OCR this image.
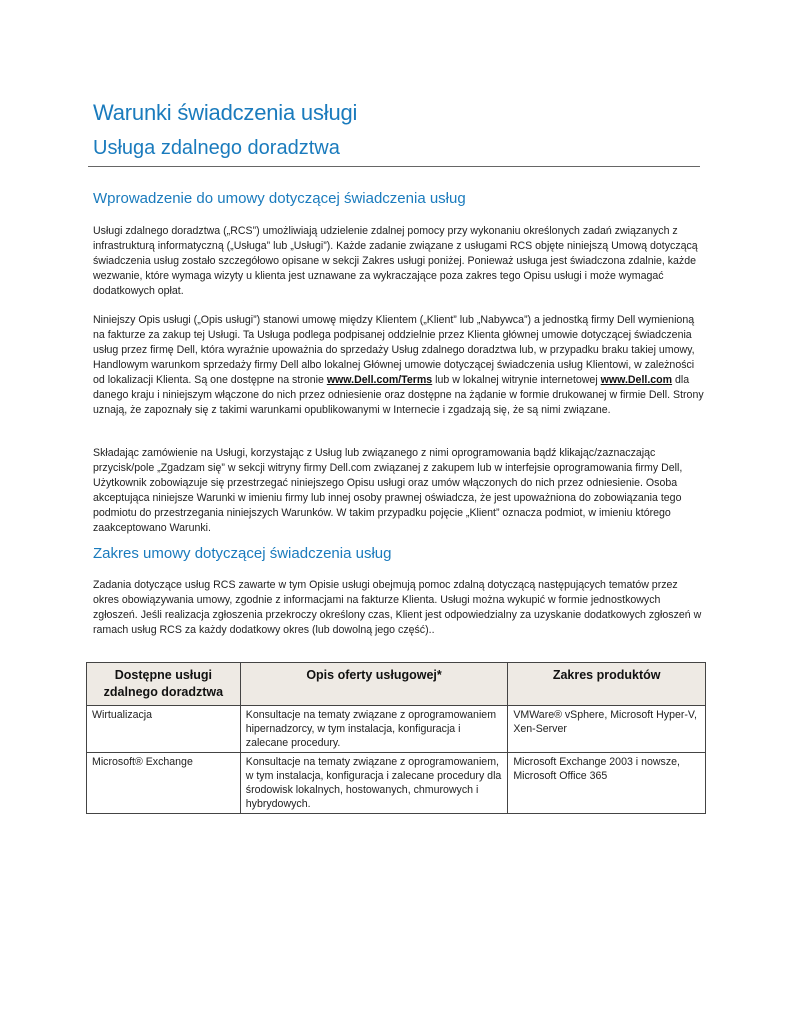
Warunki świadczenia usługi
Usługa zdalnego doradztwa
Wprowadzenie do umowy dotyczącej świadczenia usług

Usługi zdalnego doradztwa („RCS”) umożliwiają udzielenie zdalnej pomocy przy wykonaniu określonych zadań związanych z infrastrukturą informatyczną („Usługa” lub „Usługi”). Każde zadanie związane z usługami RCS objęte niniejszą Umową dotyczącą świadczenia usług zostało szczegółowo opisane w sekcji Zakres usługi poniżej. Ponieważ usługa jest świadczona zdalnie, każde wezwanie, które wymaga wizyty u klienta jest uznawane za wykraczające poza zakres tego Opisu usługi i może wymagać dodatkowych opłat.

Niniejszy Opis usługi („Opis usługi”) stanowi umowę między Klientem („Klient” lub „Nabywca”) a jednostką firmy Dell wymienioną na fakturze za zakup tej Usługi. Ta Usługa podlega podpisanej oddzielnie przez Klienta głównej umowie dotyczącej świadczenia usług przez firmę Dell, która wyraźnie upoważnia do sprzedaży Usług zdalnego doradztwa lub, w przypadku braku takiej umowy, Handlowym warunkom sprzedaży firmy Dell albo lokalnej Głównej umowie dotyczącej świadczenia usług Klientowi, w zależności od lokalizacji Klienta. Są one dostępne na stronie www.Dell.com/Terms lub w lokalnej witrynie internetowej www.Dell.com dla danego kraju i niniejszym włączone do nich przez odniesienie oraz dostępne na żądanie w formie drukowanej w firmie Dell. Strony uznają, że zapoznały się z takimi warunkami opublikowanymi w Internecie i zgadzają się, że są nimi związane.

Składając zamówienie na Usługi, korzystając z Usług lub związanego z nimi oprogramowania bądź klikając/zaznaczając przycisk/pole „Zgadzam się” w sekcji witryny firmy Dell.com związanej z zakupem lub w interfejsie oprogramowania firmy Dell, Użytkownik zobowiązuje się przestrzegać niniejszego Opisu usługi oraz umów włączonych do nich przez odniesienie. Osoba akceptująca niniejsze Warunki w imieniu firmy lub innej osoby prawnej oświadcza, że jest upoważniona do zobowiązania tego podmiotu do przestrzegania niniejszych Warunków. W takim przypadku pojęcie „Klient” oznacza podmiot, w imieniu którego zaakceptowano Warunki.

Zakres umowy dotyczącej świadczenia usług

Zadania dotyczące usług RCS zawarte w tym Opisie usługi obejmują pomoc zdalną dotyczącą następujących tematów przez okres obowiązywania umowy, zgodnie z informacjami na fakturze Klienta. Usługi można wykupić w formie jednostkowych zgłoszeń. Jeśli realizacja zgłoszenia przekroczy określony czas, Klient jest odpowiedzialny za uzyskanie dodatkowych zgłoszeń w ramach usług RCS za każdy dodatkowy okres (lub dowolną jego część)..

Dostępne usługi zdalnego doradztwa	Opis oferty usługowej*	Zakres produktów
Wirtualizacja	Konsultacje na tematy związane z oprogramowaniem hipernadzorcy, w tym instalacja, konfiguracja i zalecane procedury.	VMWare® vSphere, Microsoft Hyper-V, Xen-Server
Microsoft® Exchange	Konsultacje na tematy związane z oprogramowaniem, w tym instalacja, konfiguracja i zalecane procedury dla środowisk lokalnych, hostowanych, chmurowych i hybrydowych.	Microsoft Exchange 2003 i nowsze, Microsoft Office 365
